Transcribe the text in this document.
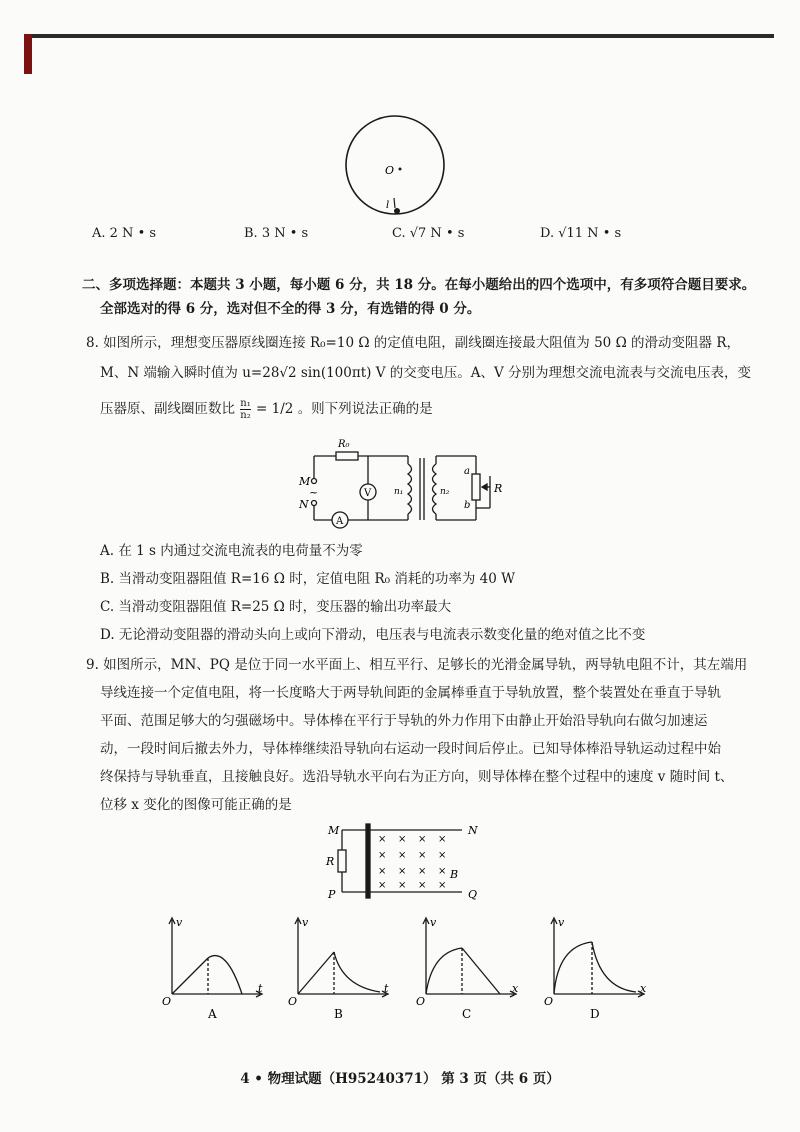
O
l
A. 2 N • s	B. 3 N • s	C. √7 N • s	D. √11 N • s
二、多项选择题：本题共 3 小题，每小题 6 分，共 18 分。在每小题给出的四个选项中，有多项符合题目要求。
全部选对的得 6 分，选对但不全的得 3 分，有选错的得 0 分。
8. 如图所示，理想变压器原线圈连接 R₀=10 Ω 的定值电阻，副线圈连接最大阻值为 50 Ω 的滑动变阻器 R，
M、N 端输入瞬时值为 u=28√2 sin(100πt) V 的交变电压。A、V 分别为理想交流电流表与交流电压表，变
压器原、副线圈匝数比 $\frac{\text{n₁}}{\text{n₂}} = 1/2$ 。则下列说法正确的是
R₀
M
~
N
V
A
n₁	n₂
a
b
R
A. 在 1 s 内通过交流电流表的电荷量不为零
B. 当滑动变阻器阻值 R=16 Ω 时，定值电阻 R₀ 消耗的功率为 40 W
C. 当滑动变阻器阻值 R=25 Ω 时，变压器的输出功率最大
D. 无论滑动变阻器的滑动头向上或向下滑动，电压表与电流表示数变化量的绝对值之比不变
9. 如图所示，MN、PQ 是位于同一水平面上、相互平行、足够长的光滑金属导轨，两导轨电阻不计，其左端用
导线连接一个定值电阻，将一长度略大于两导轨间距的金属棒垂直于导轨放置，整个装置处在垂直于导轨
平面、范围足够大的匀强磁场中。导体棒在平行于导轨的外力作用下由静止开始沿导轨向右做匀加速运
动，一段时间后撤去外力，导体棒继续沿导轨向右运动一段时间后停止。已知导体棒沿导轨运动过程中始
终保持与导轨垂直，且接触良好。选沿导轨水平向右为正方向，则导体棒在整个过程中的速度 v 随时间 t、
位移 x 变化的图像可能正确的是
M	N
P	Q
R
B
× × × ×
× × × ×
× × × ×
× × × ×
v
t
O
A
v
t
O
B
v
x
O
C
v
x
O
D
4 • 物理试题（H95240371） 第 3 页（共 6 页）
